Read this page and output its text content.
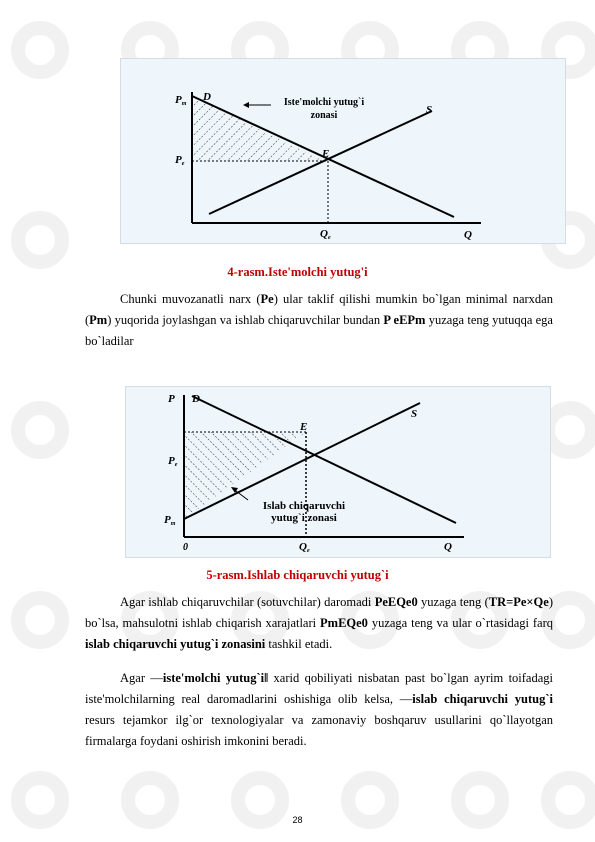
Pm
D
S
Pe
E
Qe	Q
Iste'molchi yutug`i
zonasi
4-rasm.Iste'molchi yutug'i
Chunki muvozanatli narx (Pe) ular taklif qilishi mumkin bo`lgan minimal narxdan (Pm) yuqorida joylashgan va ishlab chiqaruvchilar bundan P eEPm yuzaga teng yutuqqa ega bo`ladilar
P D
S
Pe
E
Pm
0	Qe	Q
Islab chiqaruvchi
yutug`i zonasi
5-rasm.Ishlab chiqaruvchi yutug`i
Agar ishlab chiqaruvchilar (sotuvchilar) daromadi PeEQe0 yuzaga teng (TR=Pe×Qe) bo`lsa, mahsulotni ishlab chiqarish xarajatlari PmEQe0 yuzaga teng va ular o`rtasidagi farq islab chiqaruvchi yutug`i zonasini tashkil etadi.
Agar ―iste'molchi yutug`i‖ xarid qobiliyati nisbatan past bo`lgan ayrim toifadagi iste'molchilarning real daromadlarini oshishiga olib kelsa, ―islab chiqaruvchi yutug`i resurs tejamkor ilg`or texnologiyalar va zamonaviy boshqaruv usullarini qo`llayotgan firmalarga foydani oshirish imkonini beradi.
28
